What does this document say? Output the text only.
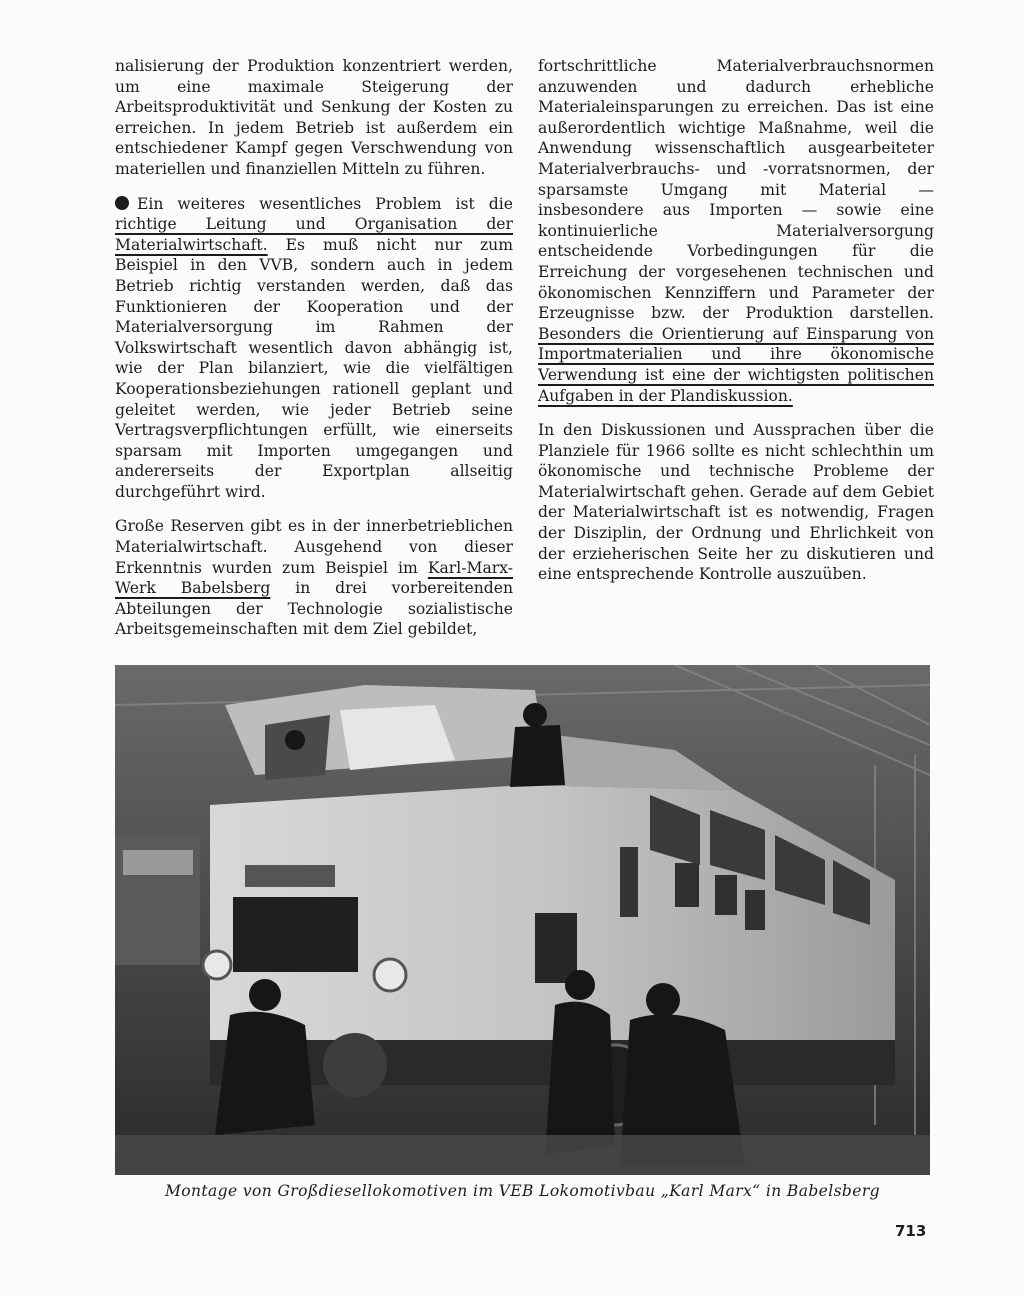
nalisierung der Produktion konzentriert werden, um eine maximale Steigerung der Arbeitsproduktivität und Senkung der Kosten zu erreichen. In jedem Betrieb ist außerdem ein entschiedener Kampf gegen Verschwendung von materiellen und finanziellen Mitteln zu führen.

Ein weiteres wesentliches Problem ist die richtige Leitung und Organisation der Materialwirtschaft. Es muß nicht nur zum Beispiel in den VVB, sondern auch in jedem Betrieb richtig verstanden werden, daß das Funktionieren der Kooperation und der Materialversorgung im Rahmen der Volkswirtschaft wesentlich davon abhängig ist, wie der Plan bilanziert, wie die vielfältigen Kooperationsbeziehungen rationell geplant und geleitet werden, wie jeder Betrieb seine Vertragsverpflichtungen erfüllt, wie einerseits sparsam mit Importen umgegangen und andererseits der Exportplan allseitig durchgeführt wird.

Große Reserven gibt es in der innerbetrieblichen Materialwirtschaft. Ausgehend von dieser Erkenntnis wurden zum Beispiel im Karl-Marx-Werk Babelsberg in drei vorbereitenden Abteilungen der Technologie sozialistische Arbeitsgemeinschaften mit dem Ziel gebildet,

fortschrittliche Materialverbrauchsnormen anzuwenden und dadurch erhebliche Materialeinsparungen zu erreichen. Das ist eine außerordentlich wichtige Maßnahme, weil die Anwendung wissenschaftlich ausgearbeiteter Materialverbrauchs- und -vorratsnormen, der sparsamste Umgang mit Material — insbesondere aus Importen — sowie eine kontinuierliche Materialversorgung entscheidende Vorbedingungen für die Erreichung der vorgesehenen technischen und ökonomischen Kennziffern und Parameter der Erzeugnisse bzw. der Produktion darstellen. Besonders die Orientierung auf Einsparung von Importmaterialien und ihre ökonomische Verwendung ist eine der wichtigsten politischen Aufgaben in der Plandiskussion.

In den Diskussionen und Aussprachen über die Planziele für 1966 sollte es nicht schlechthin um ökonomische und technische Probleme der Materialwirtschaft gehen. Gerade auf dem Gebiet der Materialwirtschaft ist es notwendig, Fragen der Disziplin, der Ordnung und Ehrlichkeit von der erzieherischen Seite her zu diskutieren und eine entsprechende Kontrolle auszuüben.

Montage von Großdiesellokomotiven im VEB Lokomotivbau „Karl Marx“ in Babelsberg
713
